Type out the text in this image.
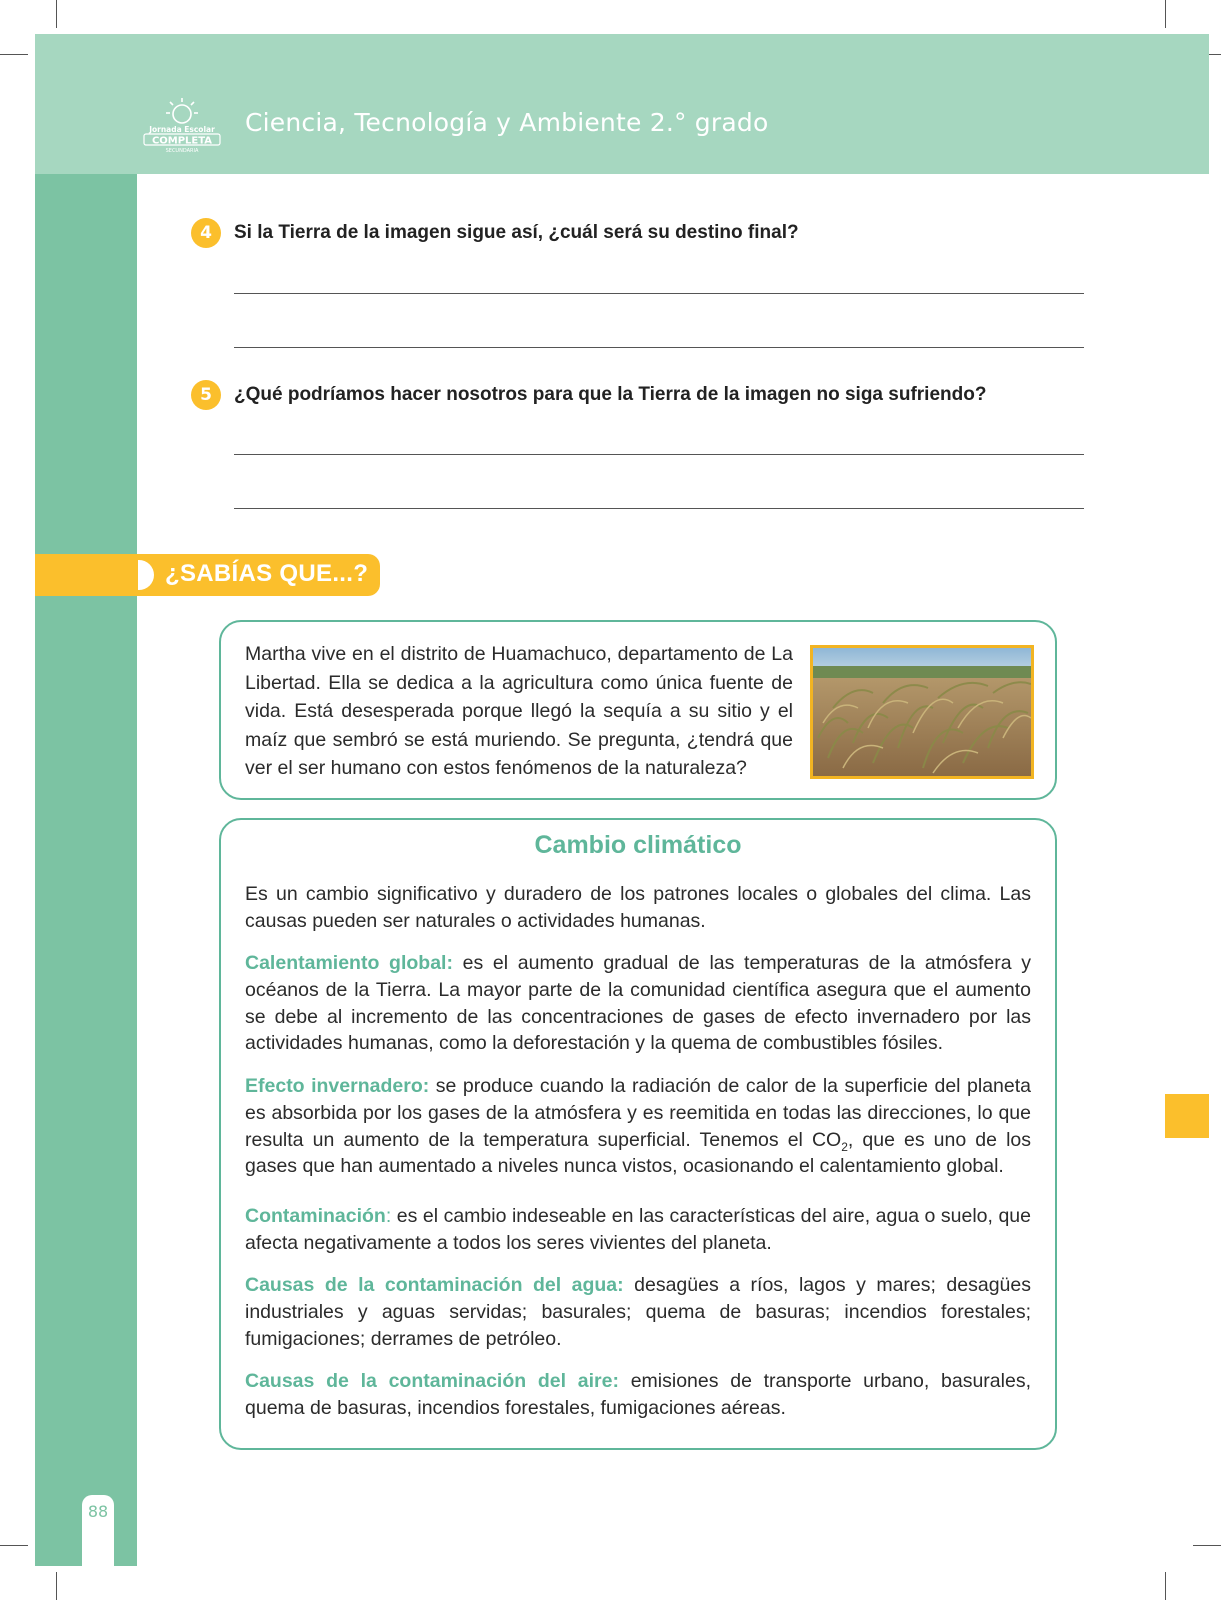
Jornada Escolar
COMPLETA
SECUNDARIA
Ciencia, Tecnología y Ambiente 2.° grado
88
4	Si la Tierra de la imagen sigue así, ¿cuál será su destino final?
5	¿Qué podríamos hacer nosotros para que la Tierra de la imagen no siga sufriendo?
¿SABÍAS QUE...?
Martha vive en el distrito de Huamachuco, departamento de La Libertad. Ella se dedica a la agricultura como única fuente de vida. Está desesperada porque llegó la sequía a su sitio y el maíz que sembró se está muriendo. Se pregunta, ¿tendrá que ver el ser humano con estos fenómenos de la naturaleza?
Cambio climático
Es un cambio significativo y duradero de los patrones locales o globales del clima. Las causas pueden ser naturales o actividades humanas.
Calentamiento global: es el aumento gradual de las temperaturas de la atmósfera y océanos de la Tierra. La mayor parte de la comunidad científica asegura que el aumento se debe al incremento de las concentraciones de gases de efecto invernadero por las actividades humanas, como la deforestación y la quema de combustibles fósiles.
Efecto invernadero: se produce cuando la radiación de calor de la superficie del planeta es absorbida por los gases de la atmósfera y es reemitida en todas las direcciones, lo que resulta un aumento de la temperatura superficial. Tenemos el $CO_2$, que es uno de los gases que han aumentado a niveles nunca vistos, ocasionando el calentamiento global.
Contaminación: es el cambio indeseable en las características del aire, agua o suelo, que afecta negativamente a todos los seres vivientes del planeta.
Causas de la contaminación del agua: desagües a ríos, lagos y mares; desagües industriales y aguas servidas; basurales; quema de basuras; incendios forestales; fumigaciones; derrames de petróleo.
Causas de la contaminación del aire: emisiones de transporte urbano, basurales, quema de basuras, incendios forestales, fumigaciones aéreas.
